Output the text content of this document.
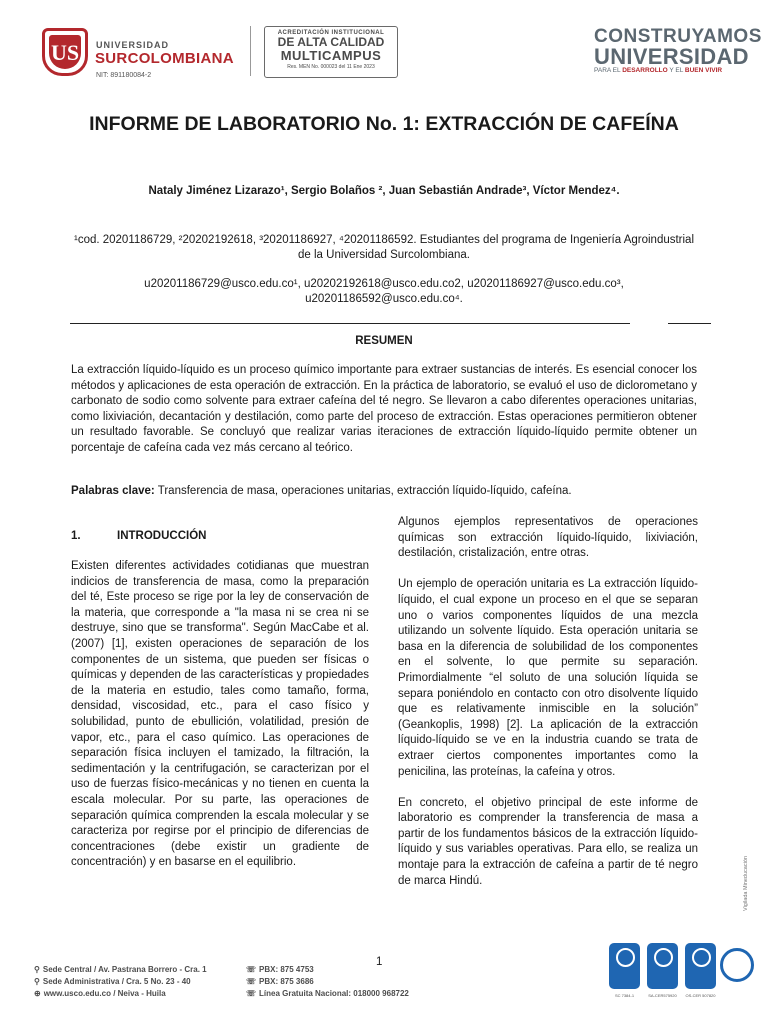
US UNIVERSIDAD
SURCOLOMBIANA
NIT: 891180084-2
ACREDITACIÓN INSTITUCIONAL
DE ALTA CALIDAD
MULTICAMPUS
Res. MEN No. 000023 del 11 Ene 2023
CONSTRUYAMOS
UNIVERSIDAD
PARA EL DESARROLLO Y EL BUEN VIVIR
INFORME DE LABORATORIO No. 1: EXTRACCIÓN DE CAFEÍNA
Nataly Jiménez Lizarazo¹, Sergio Bolaños ², Juan Sebastián Andrade³, Víctor Mendez⁴.
¹cod. 20201186729, ²20202192618, ³20201186927, ⁴20201186592. Estudiantes del programa de Ingeniería Agroindustrial de la Universidad Surcolombiana.
u20201186729@usco.edu.co¹, u20202192618@usco.edu.co2, u20201186927@usco.edu.co³, u20201186592@usco.edu.co⁴.
RESUMEN
La extracción líquido-líquido es un proceso químico importante para extraer sustancias de interés. Es esencial conocer los métodos y aplicaciones de esta operación de extracción. En la práctica de laboratorio, se evaluó el uso de diclorometano y carbonato de sodio como solvente para extraer cafeína del té negro. Se llevaron a cabo diferentes operaciones unitarias, como lixiviación, decantación y destilación, como parte del proceso de extracción. Estas operaciones permitieron obtener un resultado favorable. Se concluyó que realizar varias iteraciones de extracción líquido-líquido permite obtener un porcentaje de cafeína cada vez más cercano al teórico.
Palabras clave: Transferencia de masa, operaciones unitarias, extracción líquido-líquido, cafeína.
1.	INTRODUCCIÓN
Existen diferentes actividades cotidianas que muestran indicios de transferencia de masa, como la preparación del té, Este proceso se rige por la ley de conservación de la materia, que corresponde a "la masa ni se crea ni se destruye, sino que se transforma". Según MacCabe et al. (2007) [1], existen operaciones de separación de los componentes de un sistema, que pueden ser físicas o químicas y dependen de las características y propiedades de la materia en estudio, tales como tamaño, forma, densidad, viscosidad, etc., para el caso físico y solubilidad, punto de ebullición, volatilidad, presión de vapor, etc., para el caso químico. Las operaciones de separación física incluyen el tamizado, la filtración, la sedimentación y la centrifugación, se caracterizan por el uso de fuerzas físico-mecánicas y no tienen en cuenta la escala molecular. Por su parte, las operaciones de separación química comprenden la escala molecular y se caracteriza por regirse por el principio de diferencias de concentraciones (debe existir un gradiente de concentración) y en basarse en el equilibrio.

Algunos ejemplos representativos de operaciones químicas son extracción líquido-líquido, lixiviación, destilación, cristalización, entre otras.

Un ejemplo de operación unitaria es La extracción líquido-líquido, el cual expone un proceso en el que se separan uno o varios componentes líquidos de una mezcla utilizando un solvente líquido. Esta operación unitaria se basa en la diferencia de solubilidad de los componentes en el solvente, lo que permite su separación. Primordialmente “el soluto de una solución líquida se separa poniéndolo en contacto con otro disolvente líquido que es relativamente inmiscible en la solución” (Geankoplis, 1998) [2]. La aplicación de la extracción líquido-líquido se ve en la industria cuando se trata de extraer ciertos componentes importantes como la penicilina, las proteínas, la cafeína y otros.

En concreto, el objetivo principal de este informe de laboratorio es comprender la transferencia de masa a partir de los fundamentos básicos de la extracción líquido-líquido y sus variables operativas. Para ello, se realiza un montaje para la extracción de cafeína a partir de té negro de marca Hindú.	Vigilada Mineducación
1
⚲ Sede Central / Av. Pastrana Borrero - Cra. 1
⚲ Sede Administrativa / Cra. 5 No. 23 - 40
⊕ www.usco.edu.co / Neiva - Huila
☏ PBX: 875 4753
☏ PBX: 875 3686
☏ Línea Gratuita Nacional: 018000 968722	SC 7384-1	SA-CER575920	OS-CER 507820
